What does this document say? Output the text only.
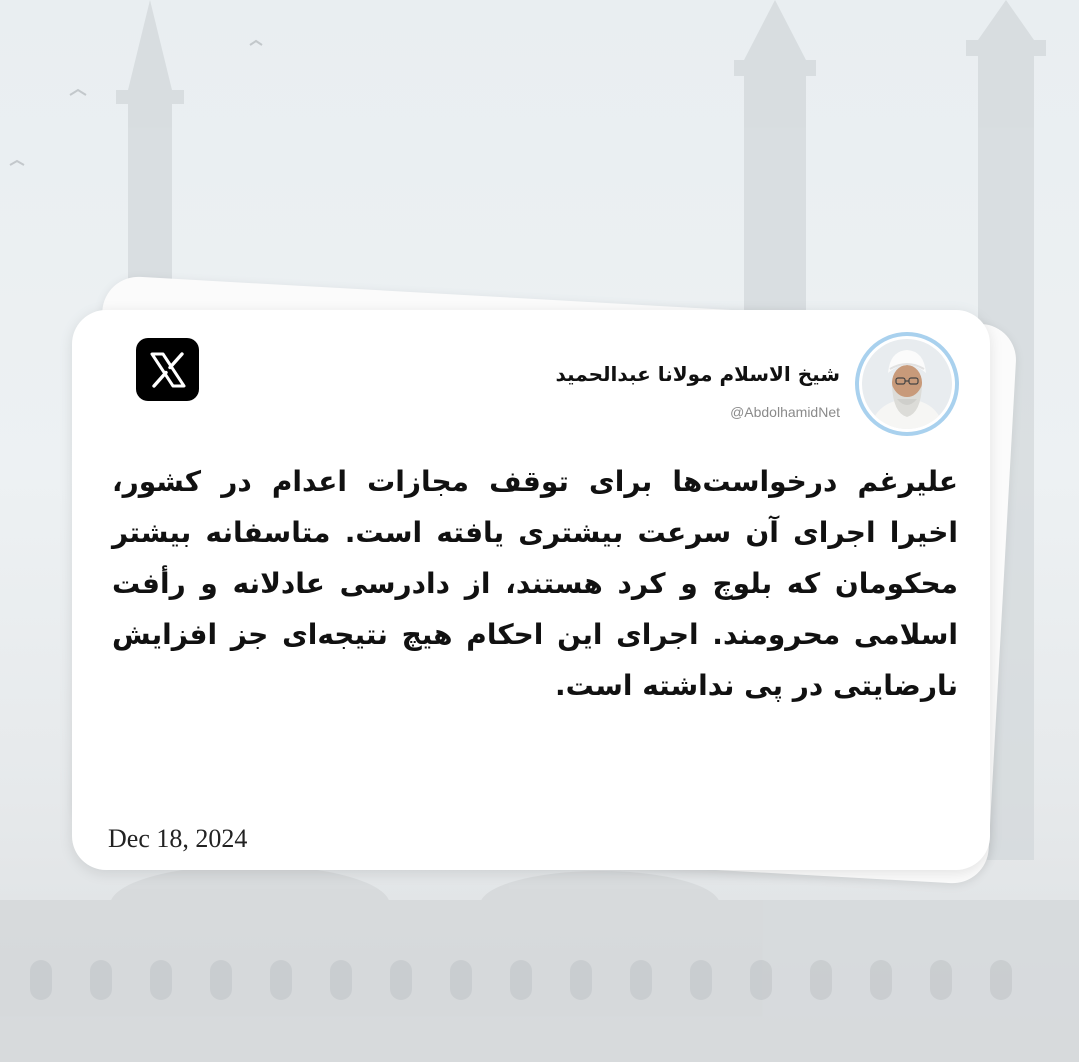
شیخ الاسلام مولانا عبدالحمید
@AbdolhamidNet

علیرغم درخواست‌ها برای توقف مجازات اعدام در کشور، اخیرا اجرای آن سرعت بیشتری یافته است. متاسفانه بیشتر محکومان که بلوچ و کرد هستند، از دادرسی عادلانه و رأفت اسلامی محرومند. اجرای این احکام هیچ نتیجه‌ای جز افزایش نارضایتی در پی نداشته است.

Dec 18, 2024
